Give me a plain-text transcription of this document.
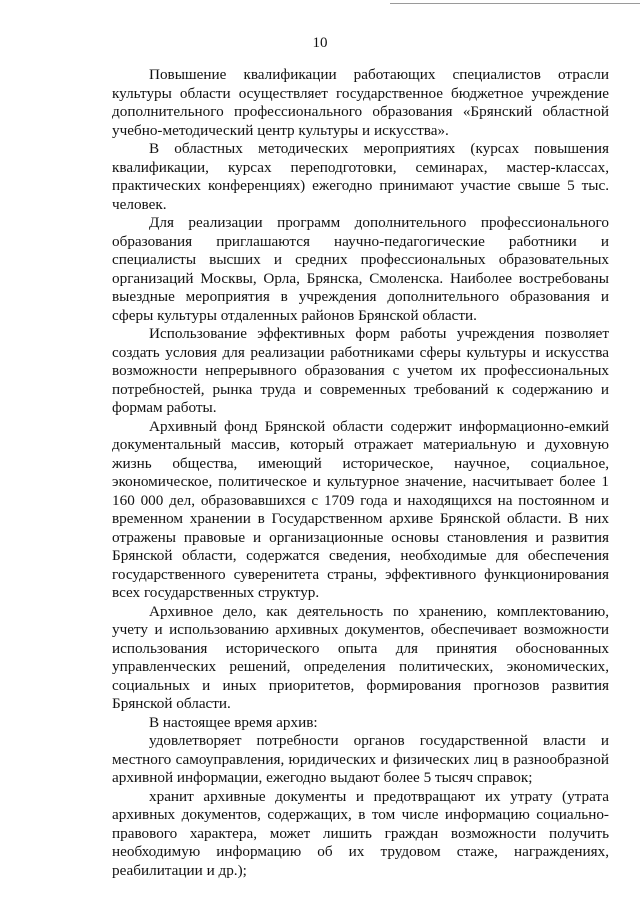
10

Повышение квалификации работающих специалистов отрасли культуры области осуществляет государственное бюджетное учреждение дополнительного профессионального образования «Брянский областной учебно-методический центр культуры и искусства».

В областных методических мероприятиях (курсах повышения квалификации, курсах переподготовки, семинарах, мастер-классах, практических конференциях) ежегодно принимают участие свыше 5 тыс. человек.

Для реализации программ дополнительного профессионального образования приглашаются научно-педагогические работники и специалисты высших и средних профессиональных образовательных организаций Москвы, Орла, Брянска, Смоленска. Наиболее востребованы выездные мероприятия в учреждения дополнительного образования и сферы культуры отдаленных районов Брянской области.

Использование эффективных форм работы учреждения позволяет создать условия для реализации работниками сферы культуры и искусства возможности непрерывного образования с учетом их профессиональных потребностей, рынка труда и современных требований к содержанию и формам работы.

Архивный фонд Брянской области содержит информационно-емкий документальный массив, который отражает материальную и духовную жизнь общества, имеющий историческое, научное, социальное, экономическое, политическое и культурное значение, насчитывает более 1 160 000 дел, образовавшихся с 1709 года и находящихся на постоянном и временном хранении в Государственном архиве Брянской области. В них отражены правовые и организационные основы становления и развития Брянской области, содержатся сведения, необходимые для обеспечения государственного суверенитета страны, эффективного функционирования всех государственных структур.

Архивное дело, как деятельность по хранению, комплектованию, учету и использованию архивных документов, обеспечивает возможности использования исторического опыта для принятия обоснованных управленческих решений, определения политических, экономических, социальных и иных приоритетов, формирования прогнозов развития Брянской области.

В настоящее время архив:

удовлетворяет потребности органов государственной власти и местного самоуправления, юридических и физических лиц в разнообразной архивной информации, ежегодно выдают более 5 тысяч справок;

хранит архивные документы и предотвращают их утрату (утрата архивных документов, содержащих, в том числе информацию социально-правового характера, может лишить граждан возможности получить необходимую информацию об их трудовом стаже, награждениях, реабилитации и др.);
